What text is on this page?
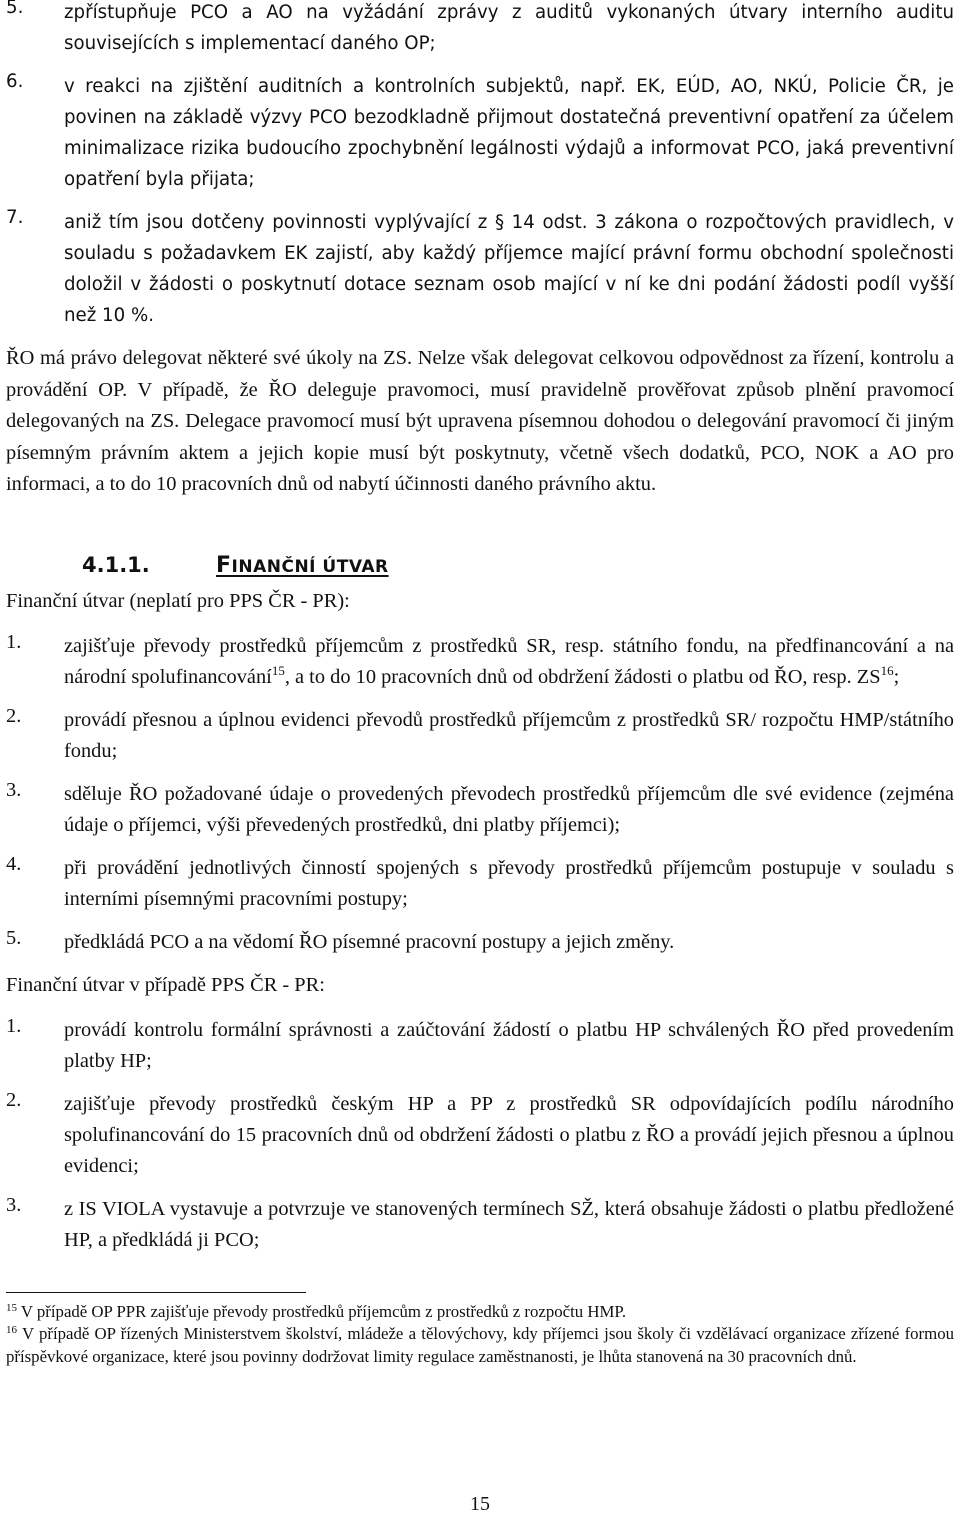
5.	zpřístupňuje PCO a AO na vyžádání zprávy z auditů vykonaných útvary interního auditu souvisejících s implementací daného OP;
6.	v reakci na zjištění auditních a kontrolních subjektů, např. EK, EÚD, AO, NKÚ, Policie ČR, je povinen na základě výzvy PCO bezodkladně přijmout dostatečná preventivní opatření za účelem minimalizace rizika budoucího zpochybnění legálnosti výdajů a informovat PCO, jaká preventivní opatření byla přijata;
7.	aniž tím jsou dotčeny povinnosti vyplývající z § 14 odst. 3 zákona o rozpočtových pravidlech, v souladu s požadavkem EK zajistí, aby každý příjemce mající právní formu obchodní společnosti doložil v žádosti o poskytnutí dotace seznam osob mající v ní ke dni podání žádosti podíl vyšší než 10 %.

ŘO má právo delegovat některé své úkoly na ZS. Nelze však delegovat celkovou odpovědnost za řízení, kontrolu a provádění OP. V případě, že ŘO deleguje pravomoci, musí pravidelně prověřovat způsob plnění pravomocí delegovaných na ZS. Delegace pravomocí musí být upravena písemnou dohodou o delegování pravomocí či jiným písemným právním aktem a jejich kopie musí být poskytnuty, včetně všech dodatků, PCO, NOK a AO pro informaci, a to do 10 pracovních dnů od nabytí účinnosti daného právního aktu.

4.1.1.	FINANČNÍ ÚTVAR
Finanční útvar (neplatí pro PPS ČR - PR):
1.	zajišťuje převody prostředků příjemcům z prostředků SR, resp. státního fondu, na předfinancování a na národní spolufinancování$^{15}$, a to do 10 pracovních dnů od obdržení žádosti o platbu od ŘO, resp. ZS$^{16}$;
2.	provádí přesnou a úplnou evidenci převodů prostředků příjemcům z prostředků SR/ rozpočtu HMP/státního fondu;
3.	sděluje ŘO požadované údaje o provedených převodech prostředků příjemcům dle své evidence (zejména údaje o příjemci, výši převedených prostředků, dni platby příjemci);
4.	při provádění jednotlivých činností spojených s převody prostředků příjemcům postupuje v souladu s interními písemnými pracovními postupy;
5.	předkládá PCO a na vědomí ŘO písemné pracovní postupy a jejich změny.
Finanční útvar v případě PPS ČR - PR:
1.	provádí kontrolu formální správnosti a zaúčtování žádostí o platbu HP schválených ŘO před provedením platby HP;
2.	zajišťuje převody prostředků českým HP a PP z prostředků SR odpovídajících podílu národního spolufinancování do 15 pracovních dnů od obdržení žádosti o platbu z ŘO a provádí jejich přesnou a úplnou evidenci;
3.	z IS VIOLA vystavuje a potvrzuje ve stanovených termínech SŽ, která obsahuje žádosti o platbu předložené HP, a předkládá ji PCO;
$^{15}$ V případě OP PPR zajišťuje převody prostředků příjemcům z prostředků z rozpočtu HMP.
$^{16}$ V případě OP řízených Ministerstvem školství, mládeže a tělovýchovy, kdy příjemci jsou školy či vzdělávací organizace zřízené formou příspěvkové organizace, které jsou povinny dodržovat limity regulace zaměstnanosti, je lhůta stanovená na 30 pracovních dnů.
15
